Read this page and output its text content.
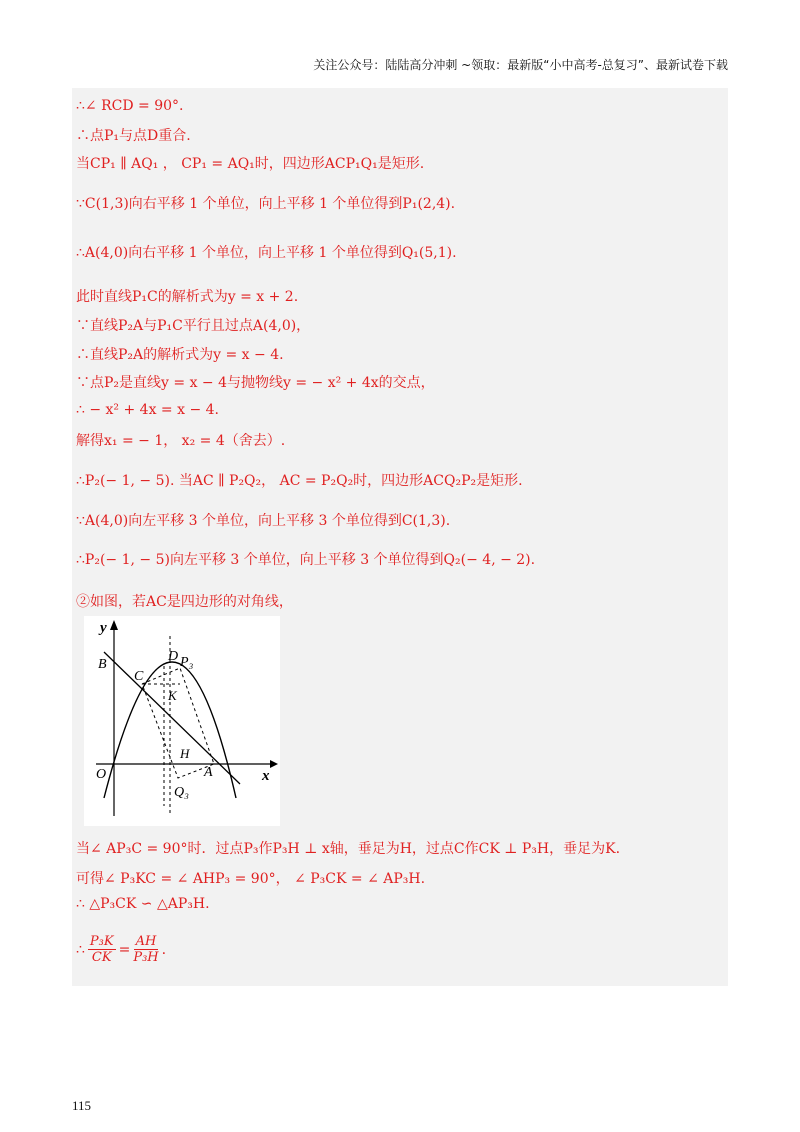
关注公众号：陆陆高分冲刺 ~领取：最新版“小中高考-总复习”、最新试卷下载
∴∠ RCD = 90°.
∴点P₁与点D重合.
当CP₁ ∥ AQ₁ ， CP₁ = AQ₁时，四边形ACP₁Q₁是矩形.
∵C(1,3)向右平移 1 个单位，向上平移 1 个单位得到P₁(2,4).
∴A(4,0)向右平移 1 个单位，向上平移 1 个单位得到Q₁(5,1).
此时直线P₁C的解析式为y = x + 2.
∵直线P₂A与P₁C平行且过点A(4,0)，
∴直线P₂A的解析式为y = x − 4.
∵点P₂是直线y = x − 4与抛物线y = − x² + 4x的交点，
∴ − x² + 4x = x − 4.
解得x₁ = − 1， x₂ = 4（舍去）.
∴P₂(− 1, − 5). 当AC ∥ P₂Q₂， AC = P₂Q₂时，四边形ACQ₂P₂是矩形.
∵A(4,0)向左平移 3 个单位，向上平移 3 个单位得到C(1,3).
∴P₂(− 1, − 5)向左平移 3 个单位，向上平移 3 个单位得到Q₂(− 4, − 2).
②如图，若AC是四边形的对角线，
当∠ AP₃C = 90°时．过点P₃作P₃H ⊥ x轴，垂足为H，过点C作CK ⊥ P₃H，垂足为K.
可得∠ P₃KC = ∠ AHP₃ = 90°， ∠ P₃CK = ∠ AP₃H.
∴ △P₃CK ∽ △AP₃H.
y
x
B
D P₃
C
K
H
O	A
Q₃
∴ $\frac{\text{P₃K}}{CK} = \frac{AH}{\text{P₃H}}$ .
115
